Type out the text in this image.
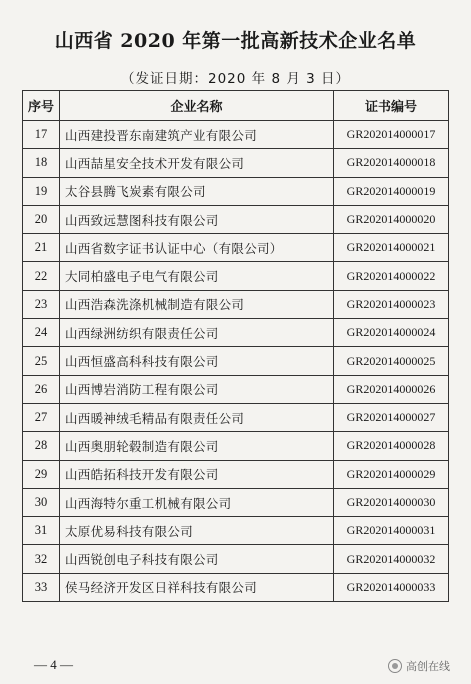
山西省 2020 年第一批高新技术企业名单
（发证日期：2020 年 8 月 3 日）
序号	企业名称	证书编号
17	山西建投晋东南建筑产业有限公司	GR202014000017
18	山西喆星安全技术开发有限公司	GR202014000018
19	太谷县腾飞炭素有限公司	GR202014000019
20	山西致远慧图科技有限公司	GR202014000020
21	山西省数字证书认证中心（有限公司）	GR202014000021
22	大同柏盛电子电气有限公司	GR202014000022
23	山西浩森洗涤机械制造有限公司	GR202014000023
24	山西绿洲纺织有限责任公司	GR202014000024
25	山西恒盛高科科技有限公司	GR202014000025
26	山西博岩消防工程有限公司	GR202014000026
27	山西暖神绒毛精品有限责任公司	GR202014000027
28	山西奥朋轮毂制造有限公司	GR202014000028
29	山西皓拓科技开发有限公司	GR202014000029
30	山西海特尔重工机械有限公司	GR202014000030
31	太原优易科技有限公司	GR202014000031
32	山西锐创电子科技有限公司	GR202014000032
33	侯马经济开发区日祥科技有限公司	GR202014000033
— 4 —	高创在线
